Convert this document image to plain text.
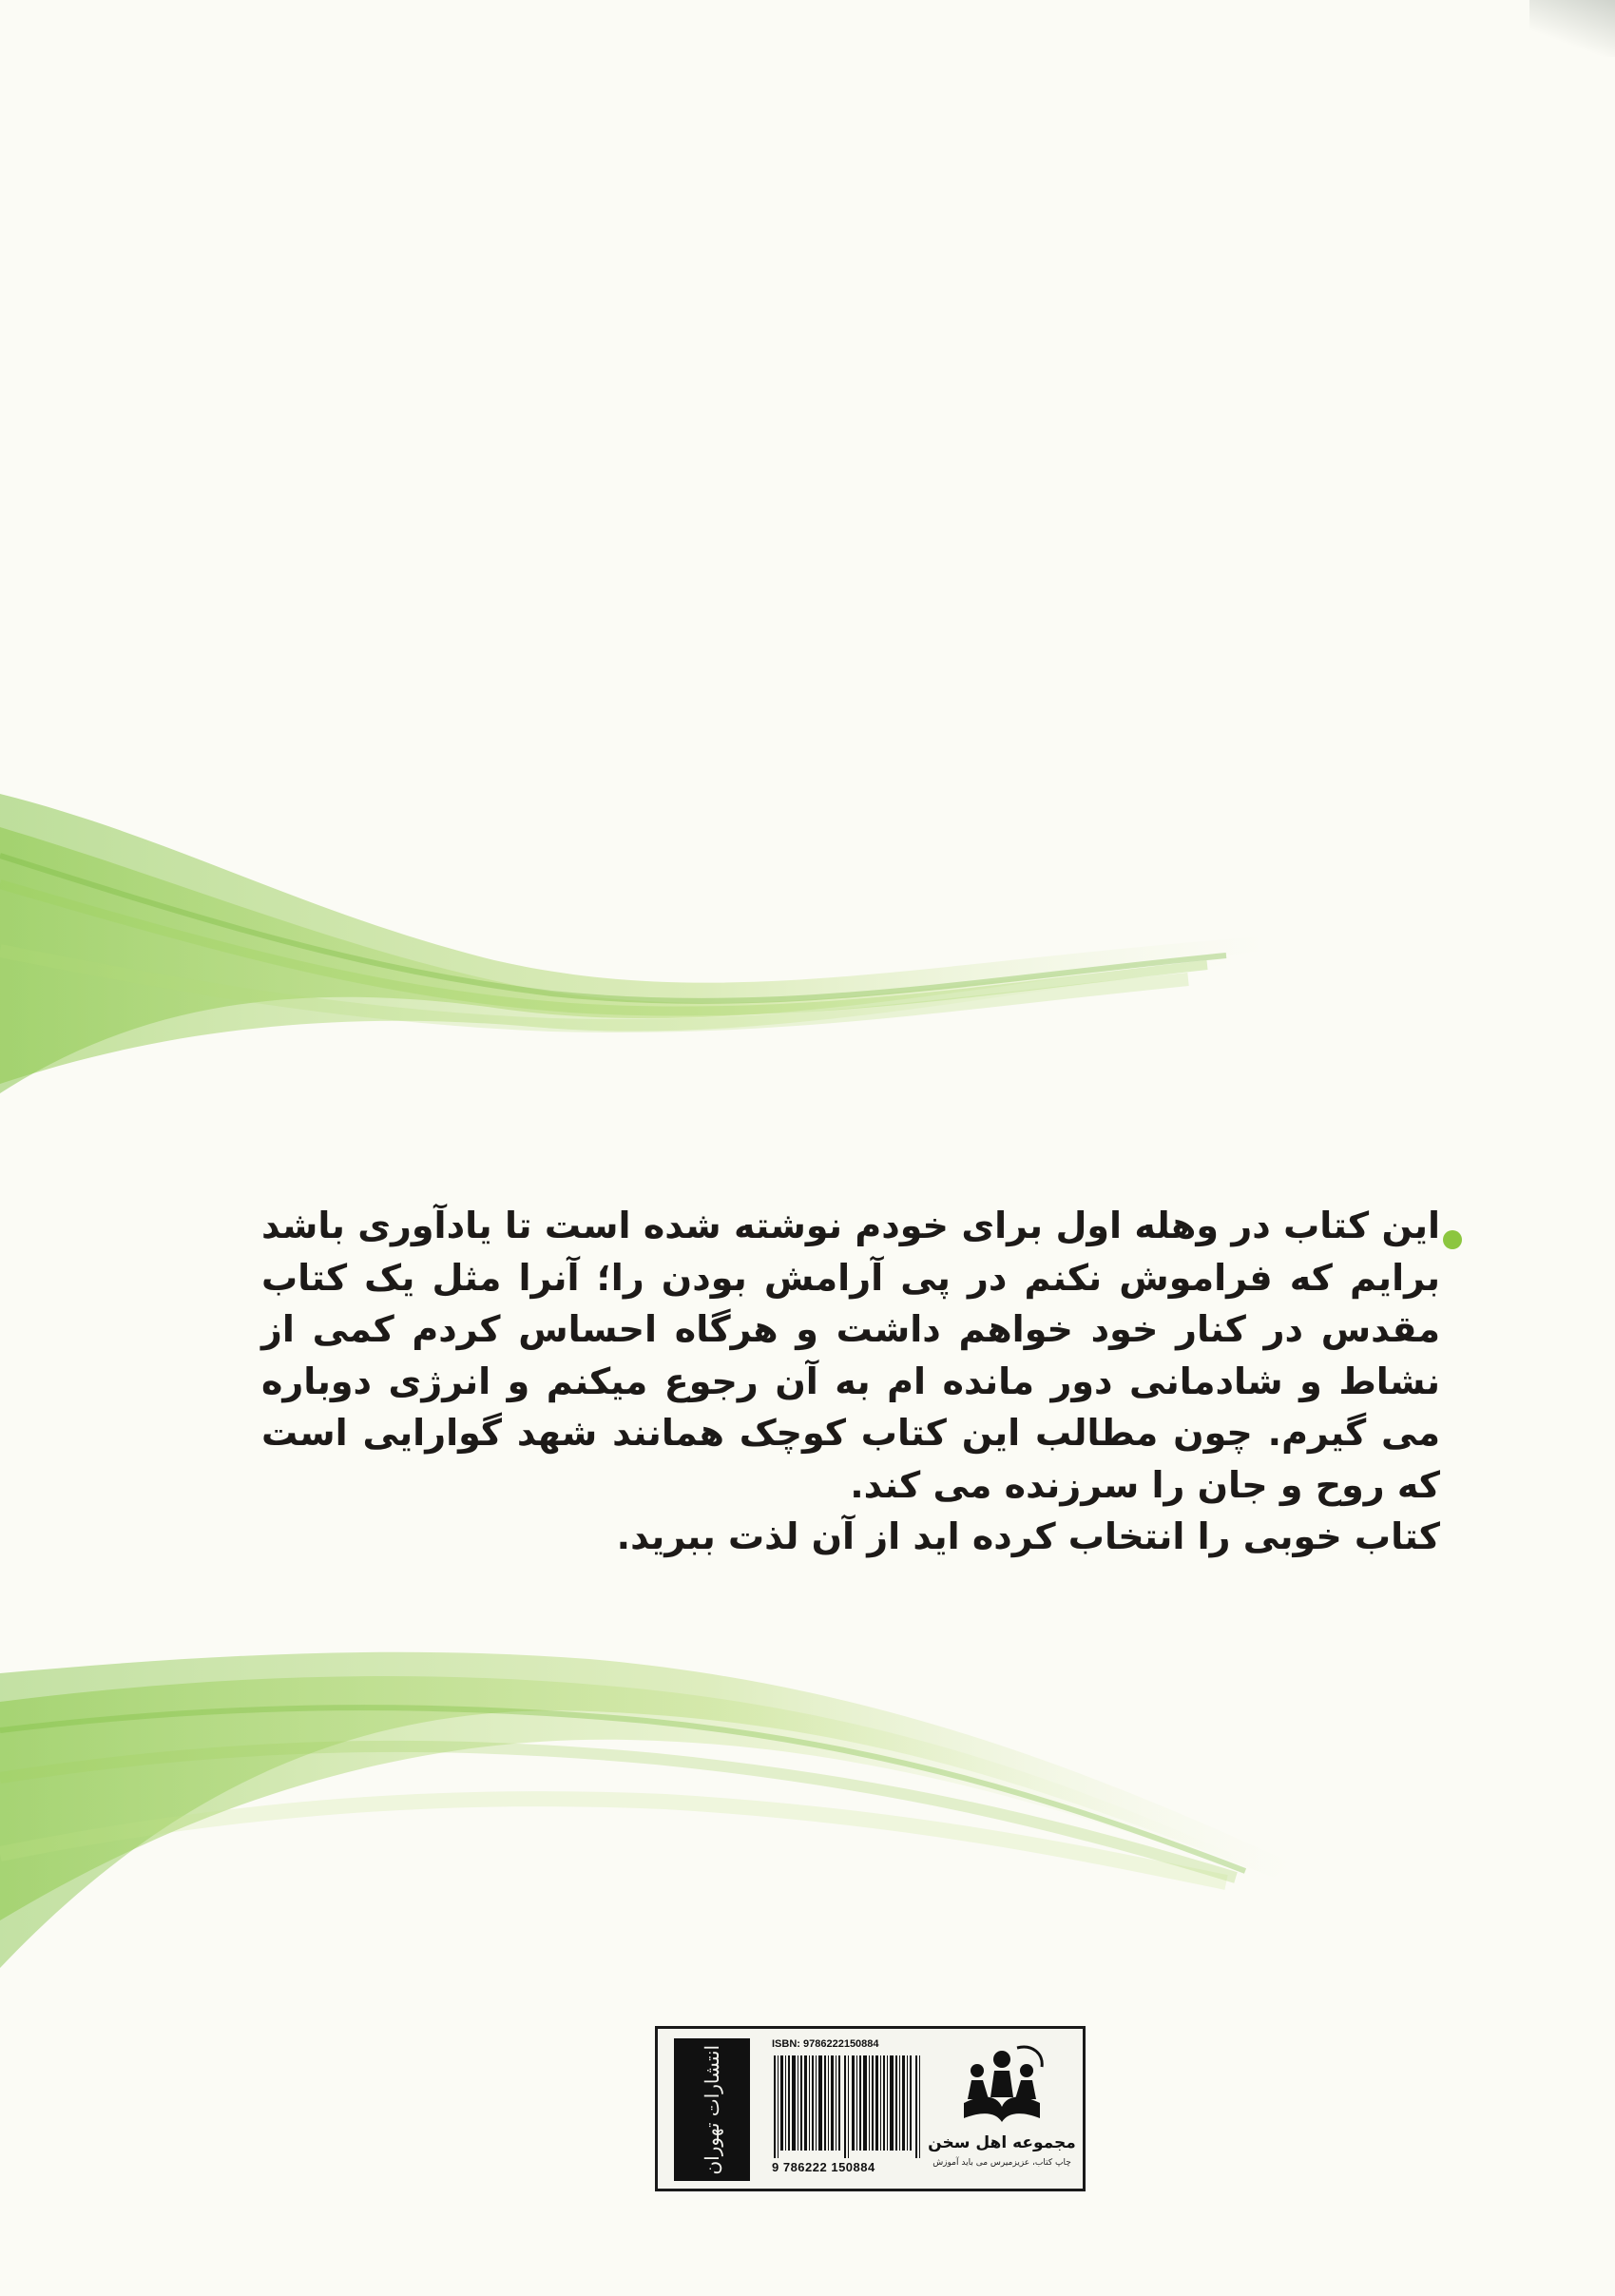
این کتاب در وهله اول برای خودم نوشته شده است تا یادآوری باشد برایم که فراموش نکنم در پی آرامش بودن را؛ آنرا مثل یک کتاب مقدس در کنار خود خواهم داشت و هرگاه احساس کردم کمی از نشاط و شادمانی دور مانده ام به آن رجوع میکنم و انرژی دوباره می گیرم. چون مطالب این کتاب کوچک همانند شهد گوارایی است که روح و جان را سرزنده می کند.

کتاب خوبی را انتخاب کرده اید از آن لذت ببرید.

انتشارات تهوران
ISBN: 9786222150884
9 786222 150884
مجموعه اهل سخن
چاپ کتاب، عزیزمیرس می باید آموزش
